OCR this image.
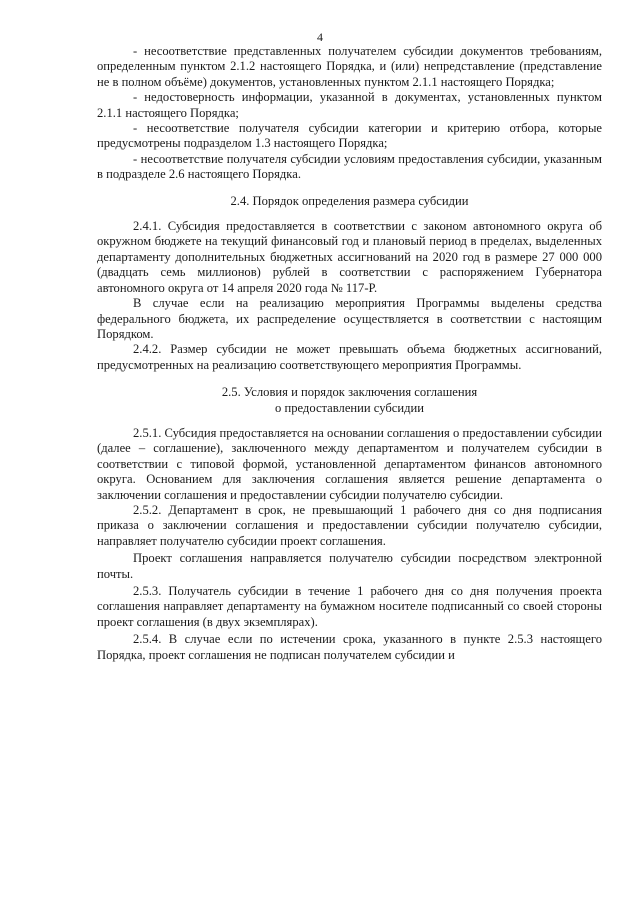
4

- несоответствие представленных получателем субсидии документов требованиям, определенным пунктом 2.1.2 настоящего Порядка, и (или) непредставление (представление не в полном объёме) документов, установленных пунктом 2.1.1 настоящего Порядка;

- недостоверность информации, указанной в документах, установленных пунктом 2.1.1 настоящего Порядка;

- несоответствие получателя субсидии категории и критерию отбора, которые предусмотрены подразделом 1.3 настоящего Порядка;

- несоответствие получателя субсидии условиям предоставления субсидии, указанным в подразделе 2.6 настоящего Порядка.

2.4. Порядок определения размера субсидии

2.4.1. Субсидия предоставляется в соответствии с законом автономного округа об окружном бюджете на текущий финансовый год и плановый период в пределах, выделенных департаменту дополнительных бюджетных ассигнований на 2020 год в размере 27 000 000 (двадцать семь миллионов) рублей в соответствии с распоряжением Губернатора автономного округа от 14 апреля 2020 года № 117-Р.

В случае если на реализацию мероприятия Программы выделены средства федерального бюджета, их распределение осуществляется в соответствии с настоящим Порядком.

2.4.2. Размер субсидии не может превышать объема бюджетных ассигнований, предусмотренных на реализацию соответствующего мероприятия Программы.

2.5. Условия и порядок заключения соглашения

о предоставлении субсидии

2.5.1. Субсидия предоставляется на основании соглашения о предоставлении субсидии (далее – соглашение), заключенного между департаментом и получателем субсидии в соответствии с типовой формой, установленной департаментом финансов автономного округа. Основанием для заключения соглашения является решение департамента о заключении соглашения и предоставлении субсидии получателю субсидии.

2.5.2. Департамент в срок, не превышающий 1 рабочего дня со дня подписания приказа о заключении соглашения и предоставлении субсидии получателю субсидии, направляет получателю субсидии проект соглашения.

Проект соглашения направляется получателю субсидии посредством электронной почты.

2.5.3. Получатель субсидии в течение 1 рабочего дня со дня получения проекта соглашения направляет департаменту на бумажном носителе подписанный со своей стороны проект соглашения (в двух экземплярах).

2.5.4. В случае если по истечении срока, указанного в пункте 2.5.3 настоящего Порядка, проект соглашения не подписан получателем субсидии и
